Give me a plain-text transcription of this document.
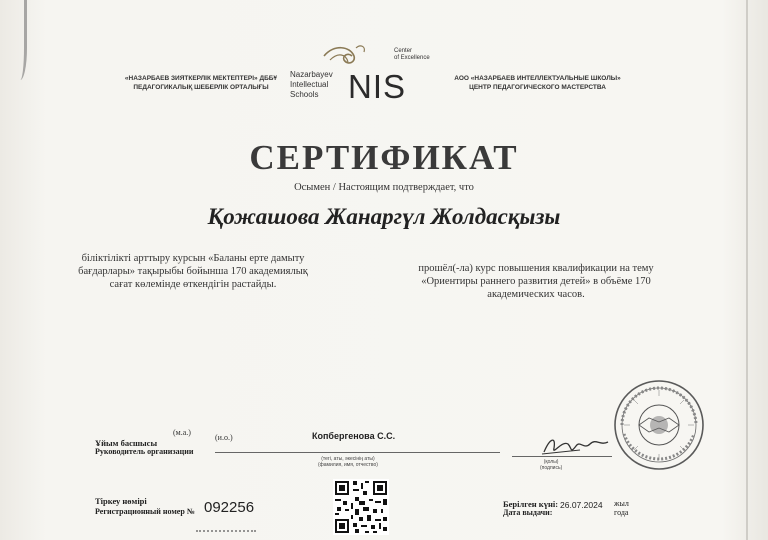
«НАЗАРБАЕВ ЗИЯТКЕРЛІК МЕКТЕПТЕРІ» ДББҰ
ПЕДАГОГИКАЛЫҚ ШЕБЕРЛІК ОРТАЛЫҒЫ
Nazarbayev
Intellectual
Schools NIS
Center
of Excellence
АОО «НАЗАРБАЕВ ИНТЕЛЛЕКТУАЛЬНЫЕ ШКОЛЫ»
ЦЕНТР ПЕДАГОГИЧЕСКОГО МАСТЕРСТВА
СЕРТИФИКАТ
Осымен / Настоящим подтверждает, что
Қожашова Жанаргүл Жолдасқызы
біліктілікті арттыру курсын «Баланы ерте дамыту бағдарлары» тақырыбы бойынша 170 академиялық сағат көлемінде өткендігін растайды.
прошёл(-ла) курс повышения квалификации на тему «Ориентиры раннего развития детей» в объёме 170 академических часов.
(м.а.)
(и.о.)
Ұйым басшысы
Руководитель организации
Копбергенова С.С.
(тегі, аты, әкесінің аты)
(фамилия, имя, отчество)	(қолы)
(подпись)
Тіркеу нөмірі
Регистрационный номер № 092256	Берілген күні:
Дата выдачи:
26.07.2024 жыл
года
